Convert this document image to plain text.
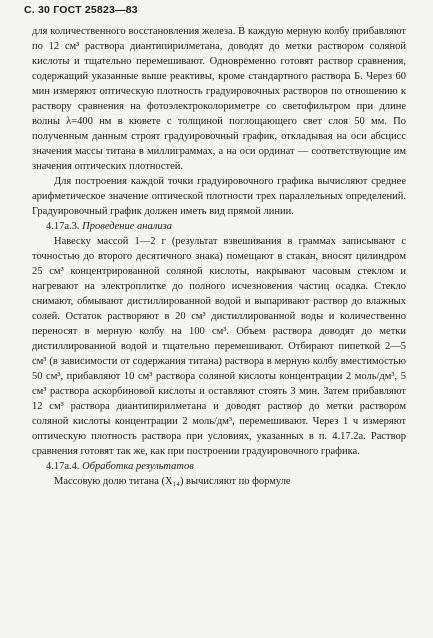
С. 30 ГОСТ 25823—83

для количественного восстановления железа. В каждую мерную колбу прибавляют по 12 см³ раствора диантипирилметана, доводят до метки раствором соляной кислоты и тщательно перемешивают. Одновременно готовят раствор сравнения, содержащий указанные выше реактивы, кроме стандартного раствора Б. Через 60 мин измеряют оптическую плотность градуировочных растворов по отношению к раствору сравнения на фотоэлектроколориметре со светофильтром при длине волны λ=400 нм в кювете с толщиной поглощающего свет слоя 50 мм. По полученным данным строят градуировочный график, откладывая на оси абсцисс значения массы титана в миллиграммах, а на оси ординат — соответствующие им значения оптических плотностей.

Для построения каждой точки градуировочного графика вычисляют среднее арифметическое значение оптической плотности трех параллельных определений. Градуировочный график должен иметь вид прямой линии.

4.17а.3. Проведение анализа

Навеску массой 1—2 г (результат взвешивания в граммах записывают с точностью до второго десятичного знака) помещают в стакан, вносят цилиндром 25 см³ концентрированной соляной кислоты, накрывают часовым стеклом и нагревают на электроплитке до полного исчезновения частиц осадка. Стекло снимают, обмывают дистиллированной водой и выпаривают раствор до влажных солей. Остаток растворяют в 20 см³ дистиллированной воды и количественно переносят в мерную колбу на 100 см³. Объем раствора доводят до метки дистиллированной водой и тщательно перемешивают. Отбирают пипеткой 2—5 см³ (в зависимости от содержания титана) раствора в мерную колбу вместимостью 50 см³, прибавляют 10 см³ раствора соляной кислоты концентрации 2 моль/дм³, 5 см³ раствора аскорбиновой кислоты и оставляют стоять 3 мин. Затем прибавляют 12 см³ раствора диантипирилметана и доводят раствор до метки раствором соляной кислоты концентрации 2 моль/дм³, перемешивают. Через 1 ч измеряют оптическую плотность раствора при условиях, указанных в п. 4.17.2а. Раствор сравнения готовят так же, как при построении градуировочного графика.

4.17а.4. Обработка результатов

Массовую долю титана (X₁₄) вычисляют по формуле
